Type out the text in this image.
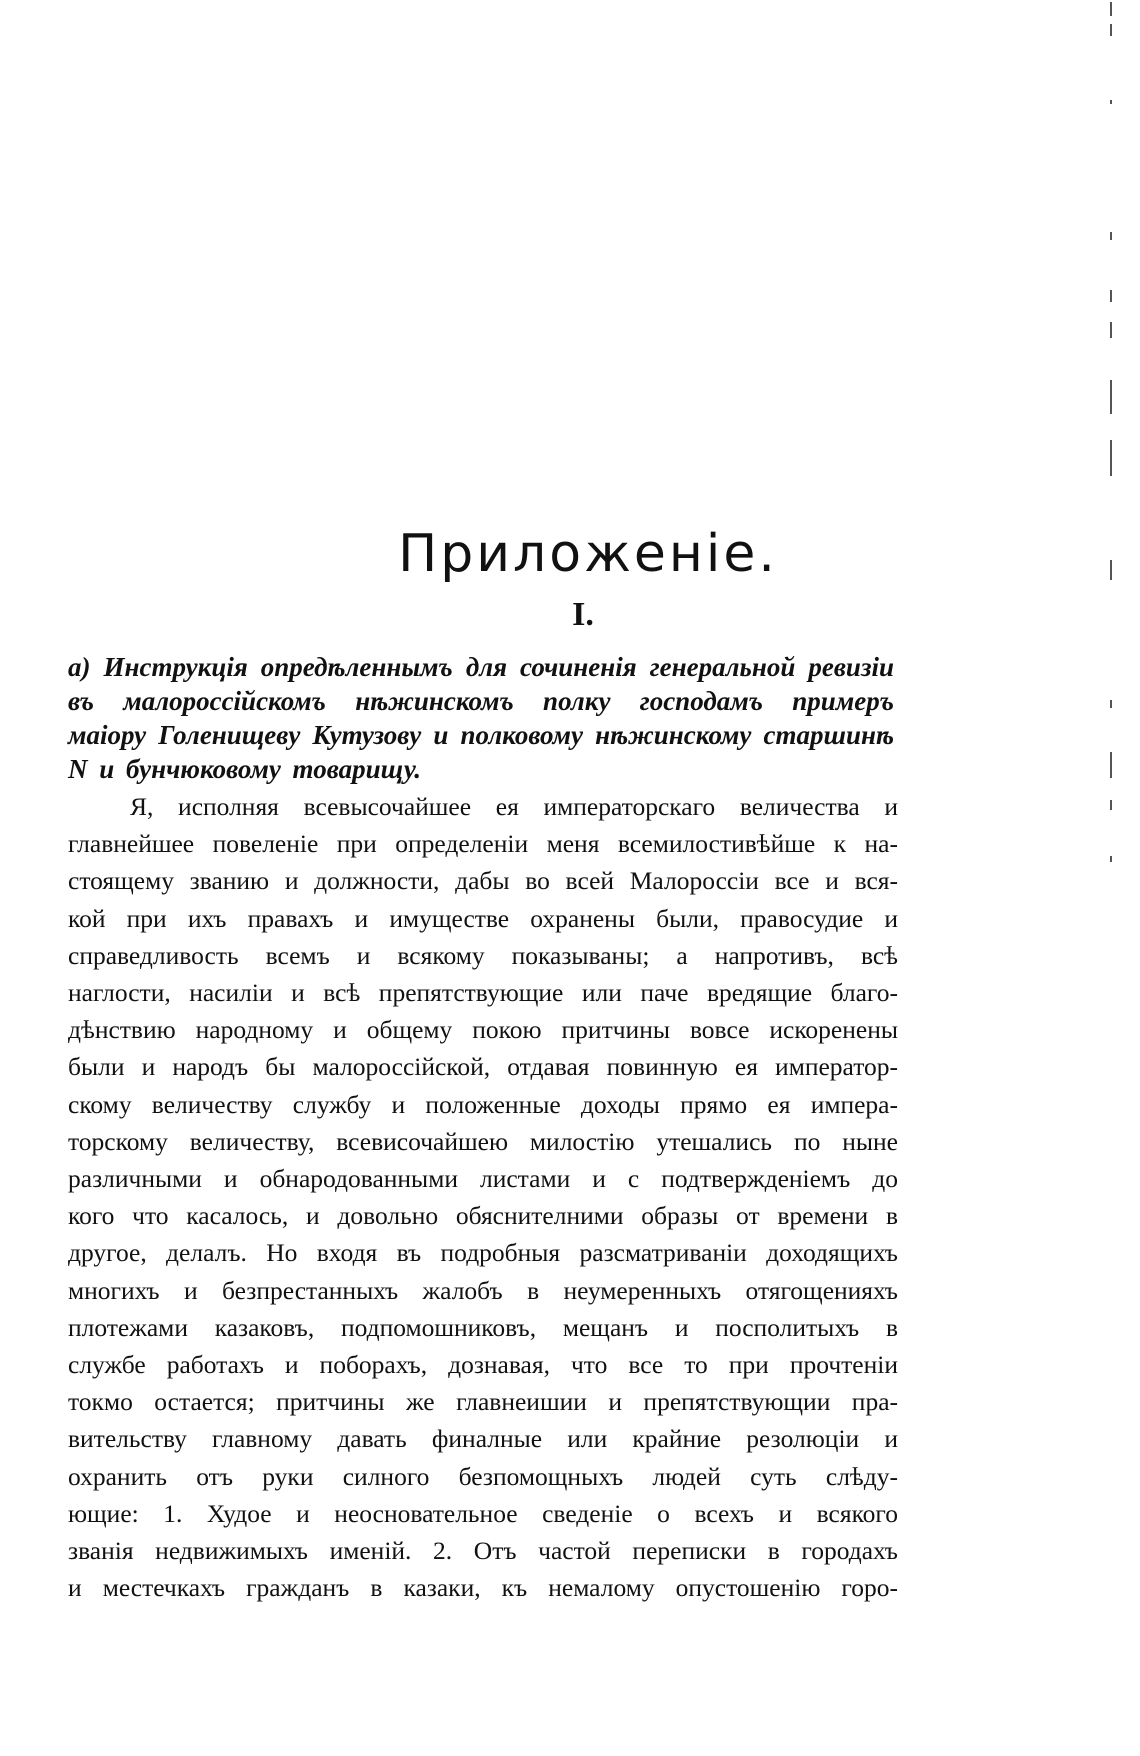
Приложеніе.
I.
а) Инструкція опредѣленнымъ для сочиненія генеральной ревизіи въ малороссійскомъ нѣжинскомъ полку господамъ примеръ маіору Голенищеву Кутузову и полковому нѣжинскому старшинѣ N и бунчюковому товарищу.
Я, исполняя всевысочайшее ея императорскаго величества и
главнейшее повеленіе при определеніи меня всемилостивѣйше к на-
стоящему званию и должности, дабы во всей Малороссіи все и вся-
кой при ихъ правахъ и имуществе охранены были, правосудие и
справедливость всемъ и всякому показываны; а напротивъ, всѣ
наглости, насиліи и всѣ препятствующие или паче вредящие благо-
дѣнствию народному и общему покою притчины вовсе искоренены
были и народъ бы малороссійской, отдавая повинную ея император-
скому величеству службу и положенные доходы прямо ея импера-
торскому величеству, всевисочайшею милостію утешались по ныне
различными и обнародованными листами и с подтвержденіемъ до
кого что касалось, и довольно обяснителними образы от времени в
другое, делалъ. Но входя въ подробныя разсматриваніи доходящихъ
многихъ и безпрестанныхъ жалобъ в неумеренныхъ отягощенияхъ
плотежами казаковъ, подпомошниковъ, мещанъ и посполитыхъ в
службе работахъ и поборахъ, дознавая, что все то при прочтеніи
токмо остается; притчины же главнеишии и препятствующии пра-
вительству главному давать финалные или крайние резолюціи и
охранить отъ руки силного безпомощныхъ людей суть слѣду-
ющие: 1. Худое и неосновательное сведеніе о всехъ и всякого
званія недвижимыхъ именій. 2. Отъ частой переписки в городахъ
и местечкахъ гражданъ в казаки, къ немалому опустошенію горо-
